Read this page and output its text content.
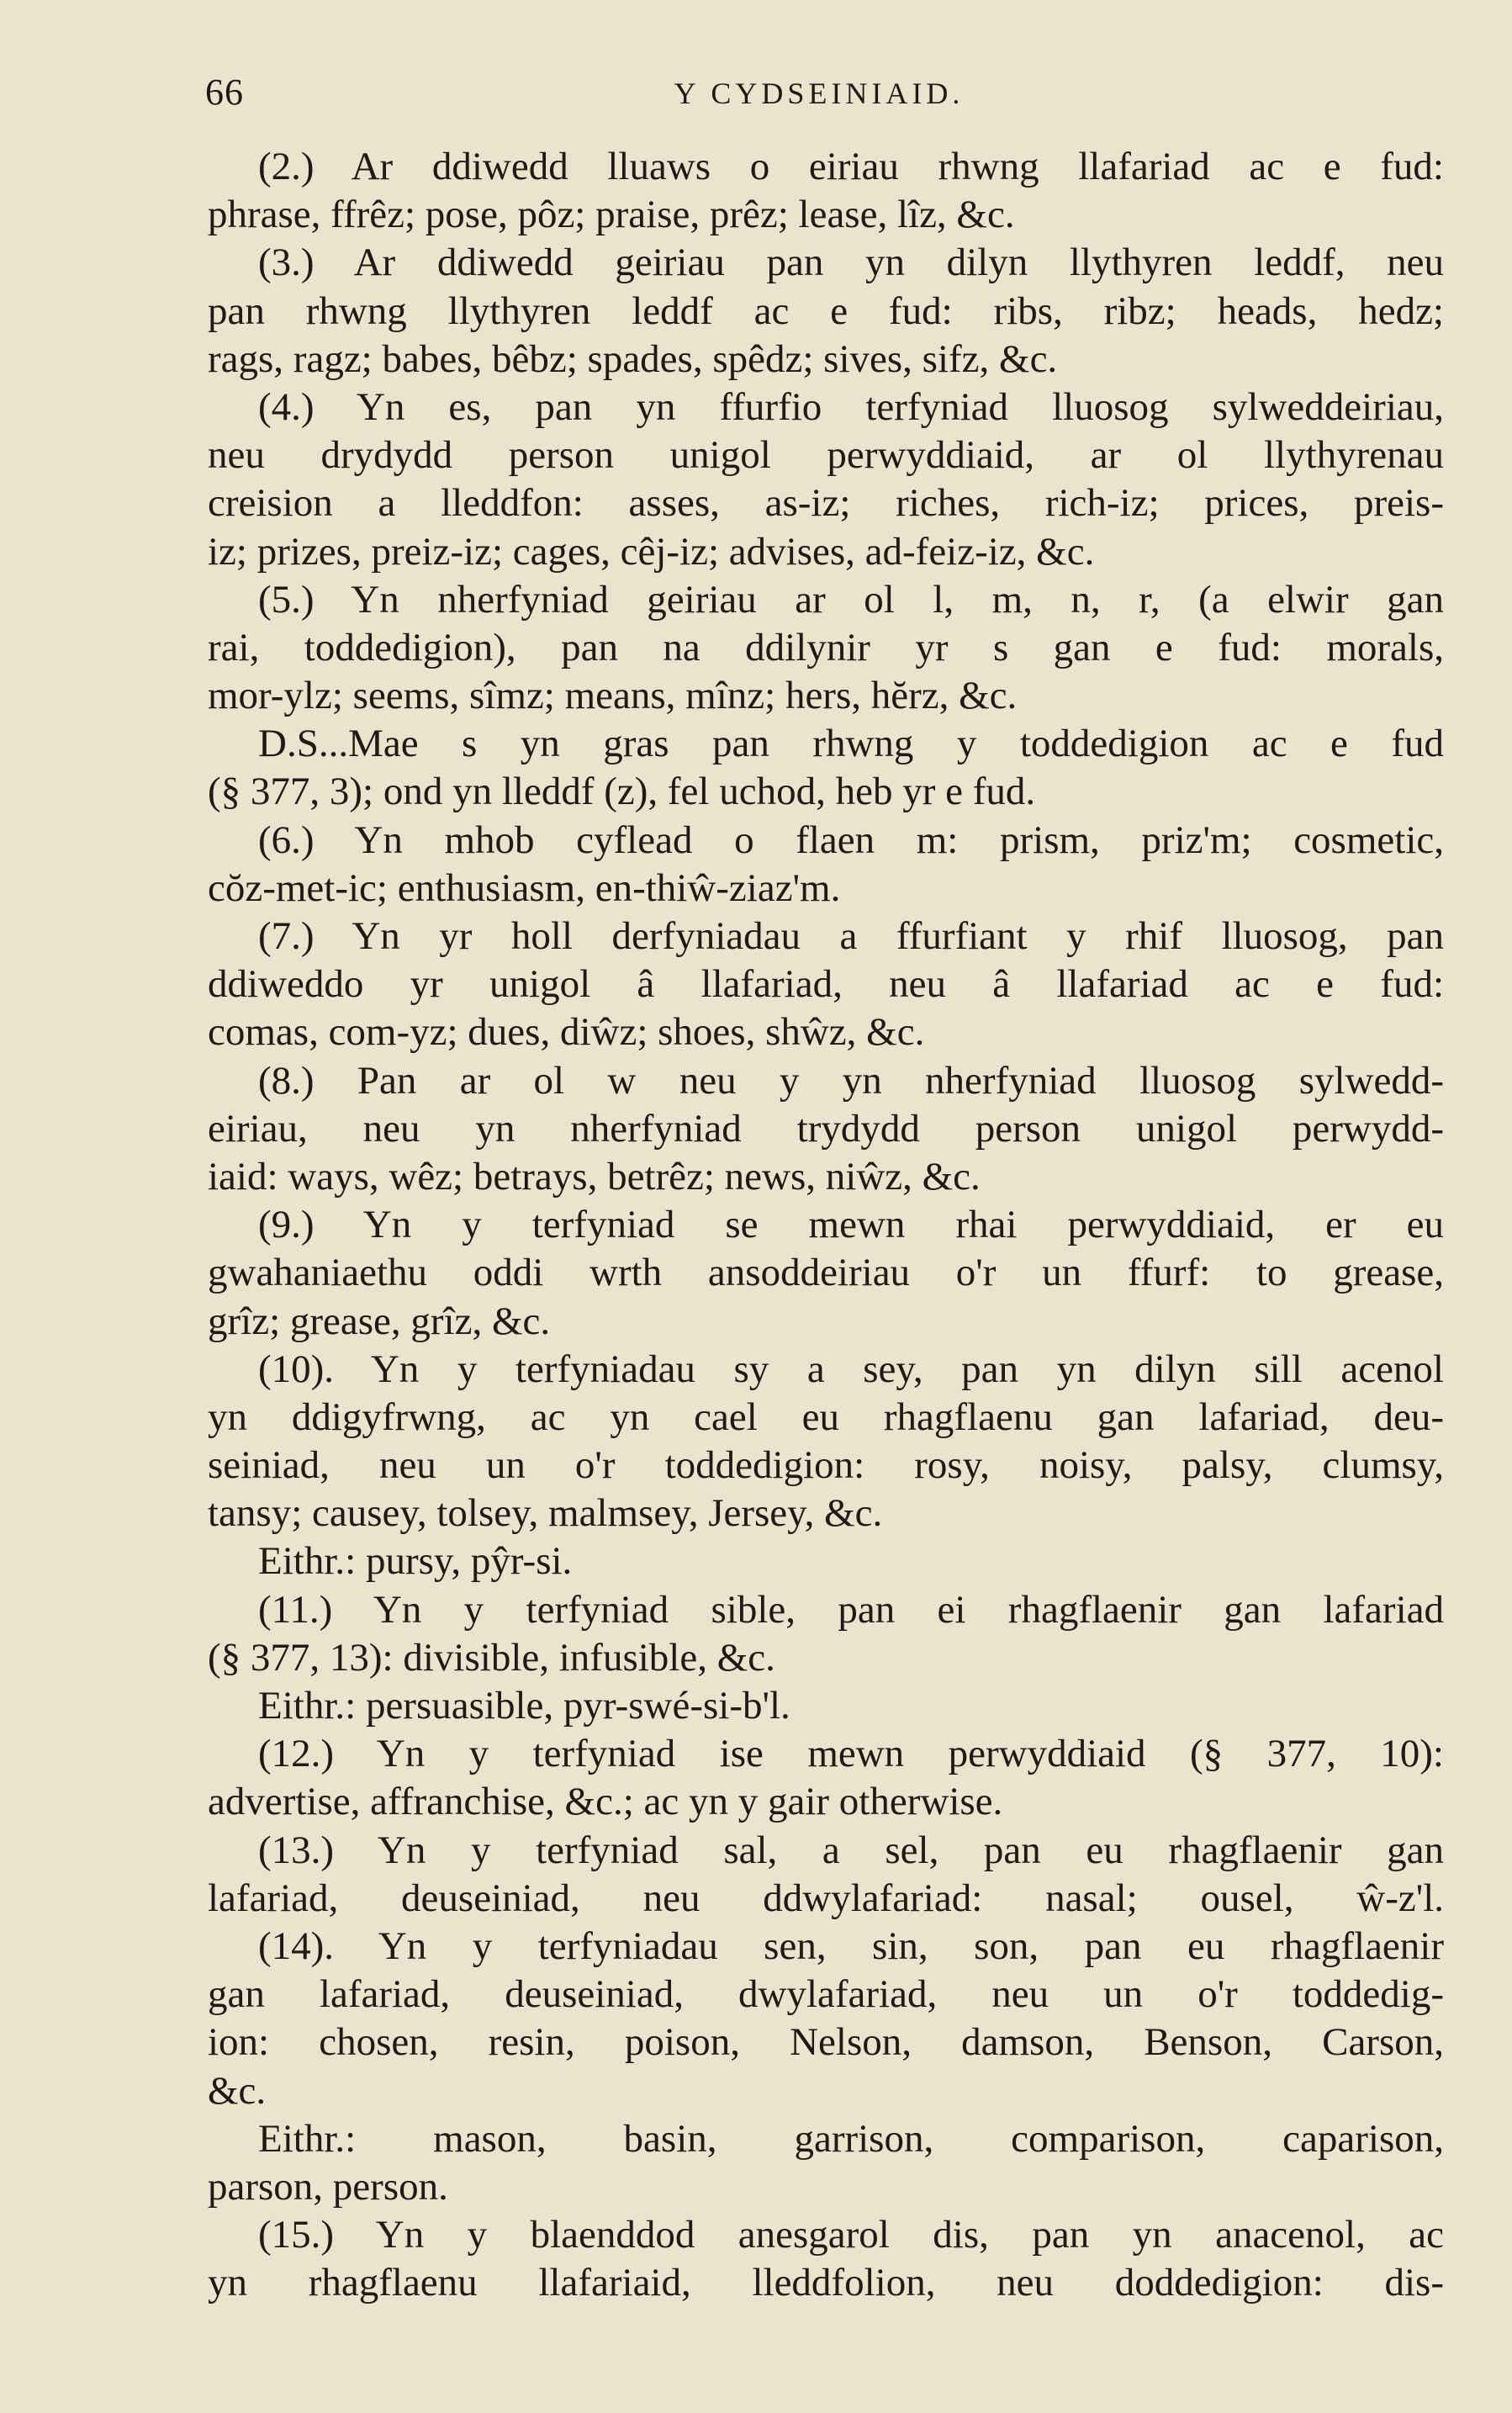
66	Y CYDSEINIAID.
(2.) Ar ddiwedd lluaws o eiriau rhwng llafariad ac e fud:
phrase, ffrêz; pose, pôz; praise, prêz; lease, lîz, &c.
(3.) Ar ddiwedd geiriau pan yn dilyn llythyren leddf, neu
pan rhwng llythyren leddf ac e fud: ribs, ribz; heads, hedz;
rags, ragz; babes, bêbz; spades, spêdz; sives, sifz, &c.
(4.) Yn es, pan yn ffurfio terfyniad lluosog sylweddeiriau,
neu drydydd person unigol perwyddiaid, ar ol llythyrenau
creision a lleddfon: asses, as-iz; riches, rich-iz; prices, preis-
iz; prizes, preiz-iz; cages, cêj-iz; advises, ad-feiz-iz, &c.
(5.) Yn nherfyniad geiriau ar ol l, m, n, r, (a elwir gan
rai, toddedigion), pan na ddilynir yr s gan e fud: morals,
mor-ylz; seems, sîmz; means, mînz; hers, hĕrz, &c.
D.S...Mae s yn gras pan rhwng y toddedigion ac e fud
(§ 377, 3); ond yn lleddf (z), fel uchod, heb yr e fud.
(6.) Yn mhob cyflead o flaen m: prism, priz'm; cosmetic,
cŏz-met-ic; enthusiasm, en-thiŵ-ziaz'm.
(7.) Yn yr holl derfyniadau a ffurfiant y rhif lluosog, pan
ddiweddo yr unigol â llafariad, neu â llafariad ac e fud:
comas, com-yz; dues, diŵz; shoes, shŵz, &c.
(8.) Pan ar ol w neu y yn nherfyniad lluosog sylwedd-
eiriau, neu yn nherfyniad trydydd person unigol perwydd-
iaid: ways, wêz; betrays, betrêz; news, niŵz, &c.
(9.) Yn y terfyniad se mewn rhai perwyddiaid, er eu
gwahaniaethu oddi wrth ansoddeiriau o'r un ffurf: to grease,
grîz; grease, grîz, &c.
(10). Yn y terfyniadau sy a sey, pan yn dilyn sill acenol
yn ddigyfrwng, ac yn cael eu rhagflaenu gan lafariad, deu-
seiniad, neu un o'r toddedigion: rosy, noisy, palsy, clumsy,
tansy; causey, tolsey, malmsey, Jersey, &c.
Eithr.: pursy, pŷr-si.
(11.) Yn y terfyniad sible, pan ei rhagflaenir gan lafariad
(§ 377, 13): divisible, infusible, &c.
Eithr.: persuasible, pyr-swé-si-b'l.
(12.) Yn y terfyniad ise mewn perwyddiaid (§ 377, 10):
advertise, affranchise, &c.; ac yn y gair otherwise.
(13.) Yn y terfyniad sal, a sel, pan eu rhagflaenir gan
lafariad, deuseiniad, neu ddwylafariad: nasal; ousel, ŵ-z'l.
(14). Yn y terfyniadau sen, sin, son, pan eu rhagflaenir
gan lafariad, deuseiniad, dwylafariad, neu un o'r toddedig-
ion: chosen, resin, poison, Nelson, damson, Benson, Carson,
&c.
Eithr.: mason, basin, garrison, comparison, caparison,
parson, person.
(15.) Yn y blaenddod anesgarol dis, pan yn anacenol, ac
yn rhagflaenu llafariaid, lleddfolion, neu doddedigion: dis-
